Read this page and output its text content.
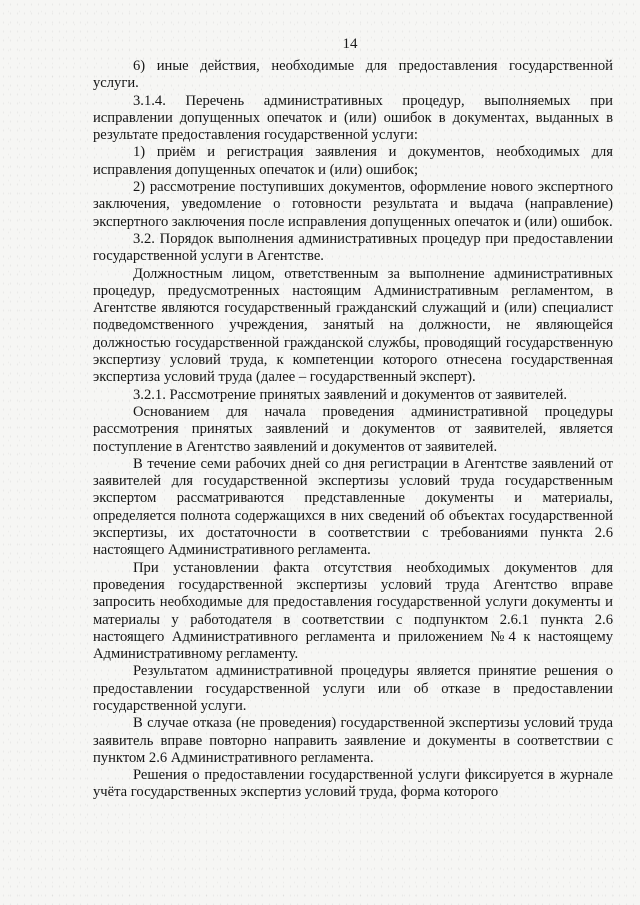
14

6) иные действия, необходимые для предоставления государственной услуги.

3.1.4. Перечень административных процедур, выполняемых при исправлении допущенных опечаток и (или) ошибок в документах, выданных в результате предоставления государственной услуги:

1) приём и регистрация заявления и документов, необходимых для исправления допущенных опечаток и (или) ошибок;

2) рассмотрение поступивших документов, оформление нового экспертного заключения, уведомление о готовности результата и выдача (направление) экспертного заключения после исправления допущенных опечаток и (или) ошибок.

3.2. Порядок выполнения административных процедур при предоставлении государственной услуги в Агентстве.

Должностным лицом, ответственным за выполнение административных процедур, предусмотренных настоящим Административным регламентом, в Агентстве являются государственный гражданский служащий и (или) специалист подведомственного учреждения, занятый на должности, не являющейся должностью государственной гражданской службы, проводящий государственную экспертизу условий труда, к компетенции которого отнесена государственная экспертиза условий труда (далее – государственный эксперт).

3.2.1. Рассмотрение принятых заявлений и документов от заявителей.

Основанием для начала проведения административной процедуры рассмотрения принятых заявлений и документов от заявителей, является поступление в Агентство заявлений и документов от заявителей.

В течение семи рабочих дней со дня регистрации в Агентстве заявлений от заявителей для государственной экспертизы условий труда государственным экспертом рассматриваются представленные документы и материалы, определяется полнота содержащихся в них сведений об объектах государственной экспертизы, их достаточности в соответствии с требованиями пункта 2.6 настоящего Административного регламента.

При установлении факта отсутствия необходимых документов для проведения государственной экспертизы условий труда Агентство вправе запросить необходимые для предоставления государственной услуги документы и материалы у работодателя в соответствии с подпунктом 2.6.1 пункта 2.6 настоящего Административного регламента и приложением №4 к настоящему Административному регламенту.

Результатом административной процедуры является принятие решения о предоставлении государственной услуги или об отказе в предоставлении государственной услуги.

В случае отказа (не проведения) государственной экспертизы условий труда заявитель вправе повторно направить заявление и документы в соответствии с пунктом 2.6 Административного регламента.

Решения о предоставлении государственной услуги фиксируется в журнале учёта государственных экспертиз условий труда, форма которого
